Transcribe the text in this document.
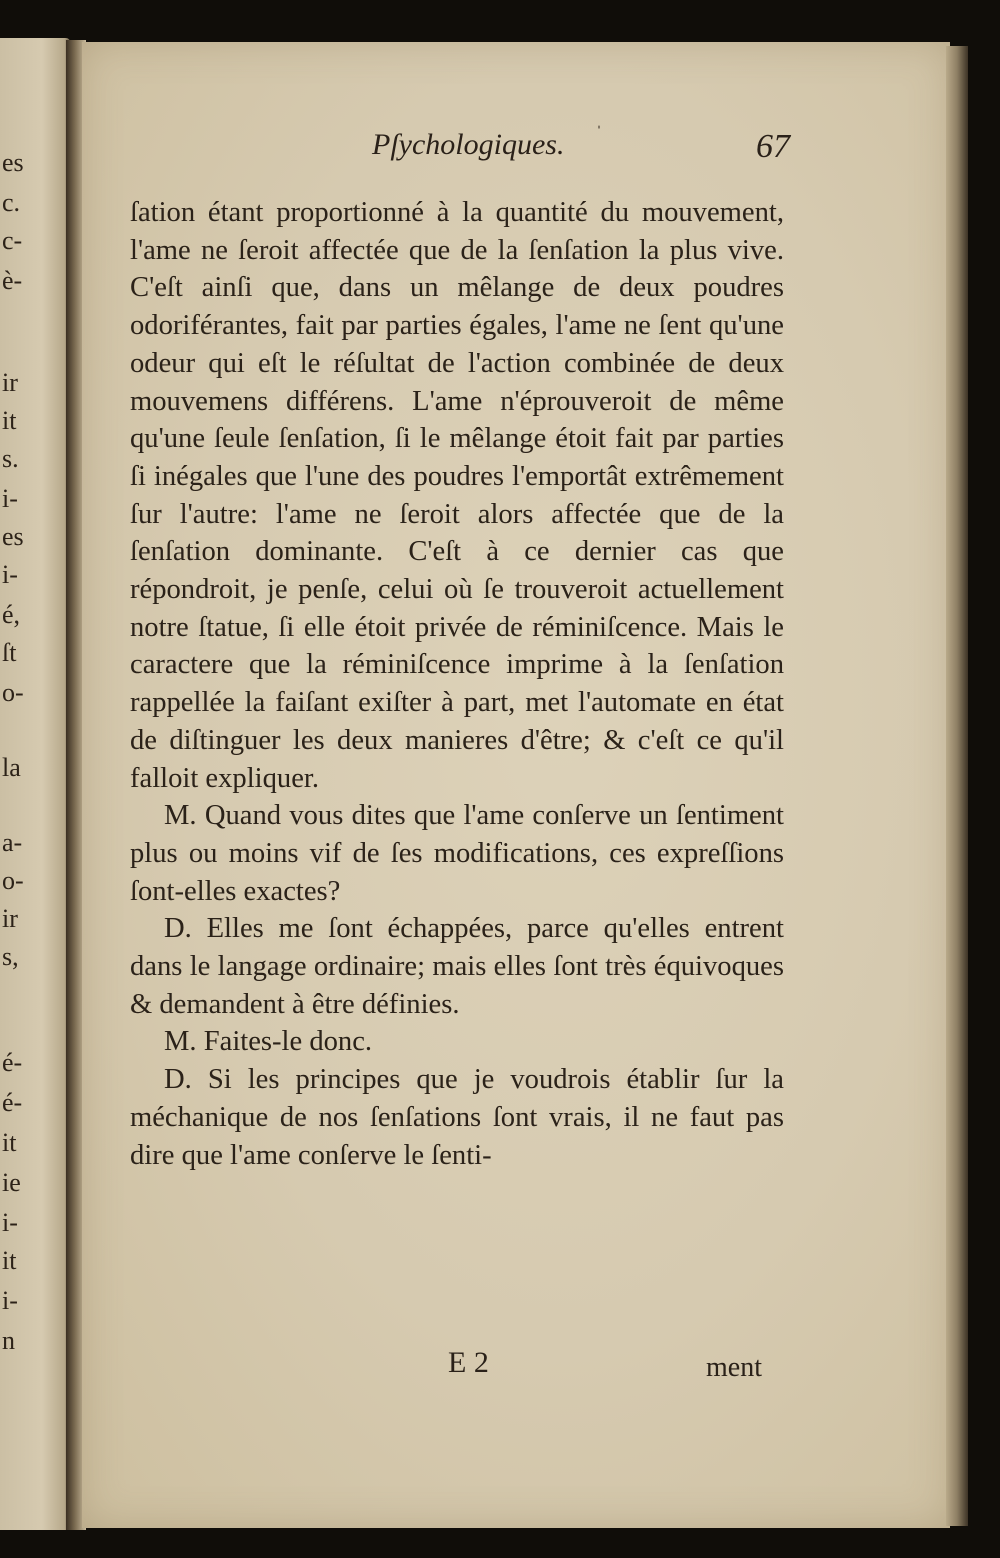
es
c.
c-
è-
ir
it
s.
i-
es
i-
é,
ſt
o-
la
a-
o-
ir
s,
é-
é-
it
ie
i-
it
i-
n
Pſychologiques. ˈ	67

ſation étant proportionné à la quantité du mouvement, l'ame ne ſeroit affectée que de la ſenſation la plus vive. C'eſt ainſi que, dans un mêlange de deux poudres odoriférantes, fait par parties égales, l'ame ne ſent qu'une odeur qui eſt le réſultat de l'action combinée de deux mouvemens différens. L'ame n'éprouveroit de même qu'une ſeule ſenſation, ſi le mêlange étoit fait par parties ſi inégales que l'une des poudres l'emportât extrêmement ſur l'autre: l'ame ne ſeroit alors affectée que de la ſenſation dominante. C'eſt à ce dernier cas que répondroit, je penſe, celui où ſe trouveroit actuellement notre ſtatue, ſi elle étoit privée de réminiſcence. Mais le caractere que la réminiſcence imprime à la ſenſation rappellée la faiſant exiſter à part, met l'automate en état de diſtinguer les deux manieres d'être; & c'eſt ce qu'il falloit expliquer.

M. Quand vous dites que l'ame conſerve un ſentiment plus ou moins vif de ſes modifications, ces expreſſions ſont-elles exactes?

D. Elles me ſont échappées, parce qu'elles entrent dans le langage ordinaire; mais elles ſont très équivoques & demandent à être définies.

M. Faites-le donc.

D. Si les principes que je voudrois établir ſur la méchanique de nos ſenſations ſont vrais, il ne faut pas dire que l'ame conſerve le ſenti-

E 2	ment
